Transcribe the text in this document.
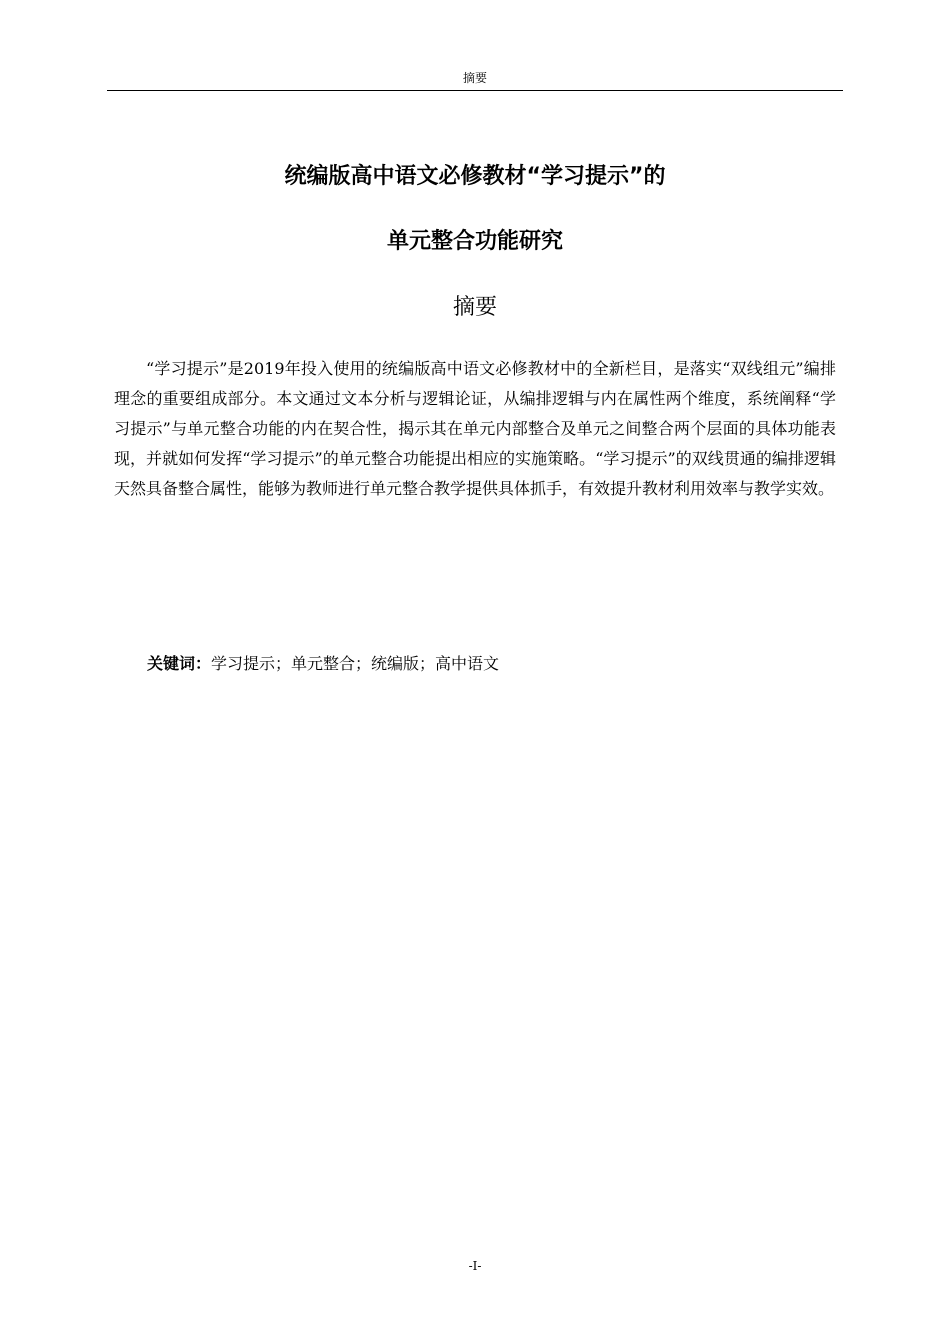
摘要
统编版高中语文必修教材“学习提示”的
单元整合功能研究
摘要
“学习提示”是2019年投入使用的统编版高中语文必修教材中的全新栏目，是落实“双线组元”编排理念的重要组成部分。本文通过文本分析与逻辑论证，从编排逻辑与内在属性两个维度，系统阐释“学习提示”与单元整合功能的内在契合性，揭示其在单元内部整合及单元之间整合两个层面的具体功能表现，并就如何发挥“学习提示”的单元整合功能提出相应的实施策略。“学习提示”的双线贯通的编排逻辑天然具备整合属性，能够为教师进行单元整合教学提供具体抓手，有效提升教材利用效率与教学实效。
关键词：学习提示；单元整合；统编版；高中语文
-I-
